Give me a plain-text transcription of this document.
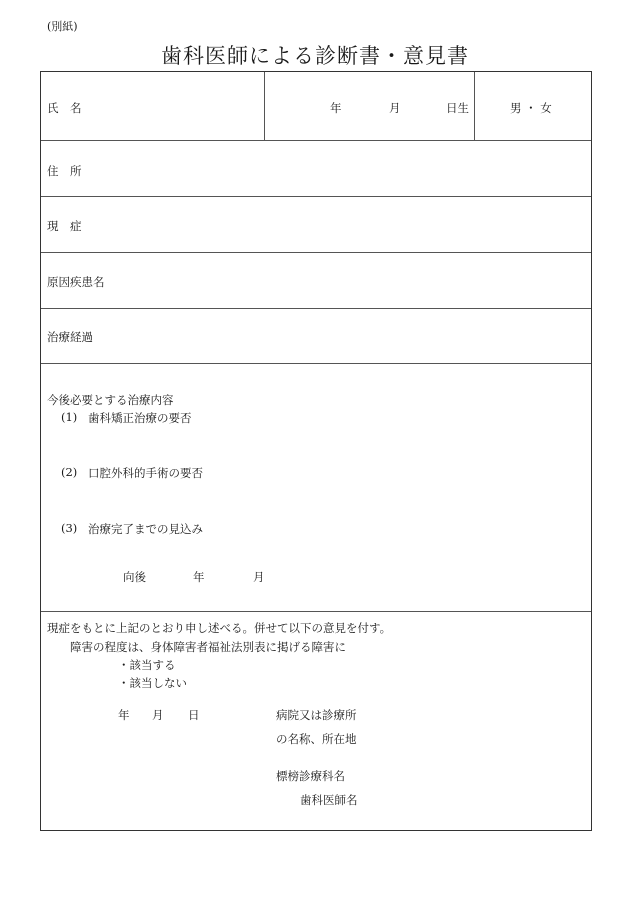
(別紙)
歯科医師による診断書・意見書
氏　名	年	月	日生	男 ・ 女
住　所
現　症
原因疾患名
治療経過
今後必要とする治療内容
(1) 歯科矯正治療の要否
(2) 口腔外科的手術の要否
(3) 治療完了までの見込み
向後	年	月
現症をもとに上記のとおり申し述べる。併せて以下の意見を付す。
障害の程度は、身体障害者福祉法別表に掲げる障害に
・該当する
・該当しない
年 月 日	病院又は診療所
の名称、所在地
標榜診療科名
歯科医師名
